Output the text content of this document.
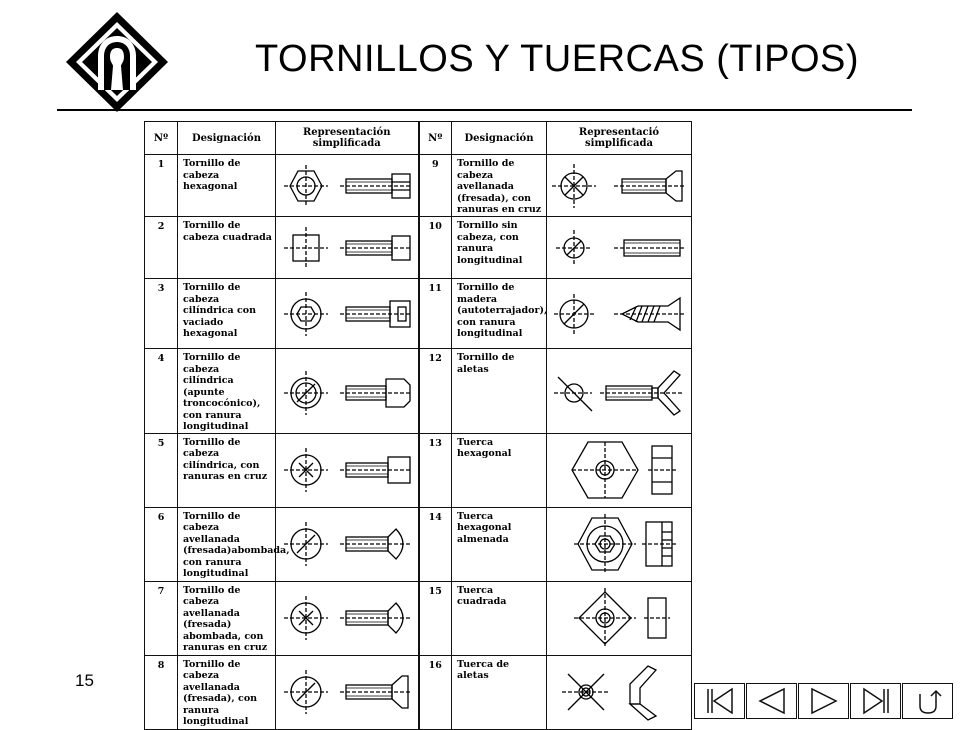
TORNILLOS Y TUERCAS (TIPOS)
Nº	Designación	Representación simplificada	Nº	Designación	Representació simplificada
1	Tornillo de cabeza hexagonal		9	Tornillo de cabeza avellanada (fresada), con ranuras en cruz	

2	Tornillo de cabeza cuadrada		10	Tornillo sin cabeza, con ranura longitudinal	

3	Tornillo de cabeza cilíndrica con vaciado hexagonal		11	Tornillo de madera (autoterrajador), con ranura longitudinal	

4	Tornillo de cabeza cilíndrica (apunte troncocónico), con ranura longitudinal		12	Tornillo de aletas	

5	Tornillo de cabeza cilíndrica, con ranuras en cruz		13	Tuerca hexagonal	

6	Tornillo de cabeza avellanada (fresada)abombada, con ranura longitudinal		14	Tuerca hexagonal almenada	

7	Tornillo de cabeza avellanada (fresada) abombada, con ranuras en cruz		15	Tuerca cuadrada	

8	Tornillo de cabeza avellanada (fresada), con ranura longitudinal		16	Tuerca de aletas	
15
